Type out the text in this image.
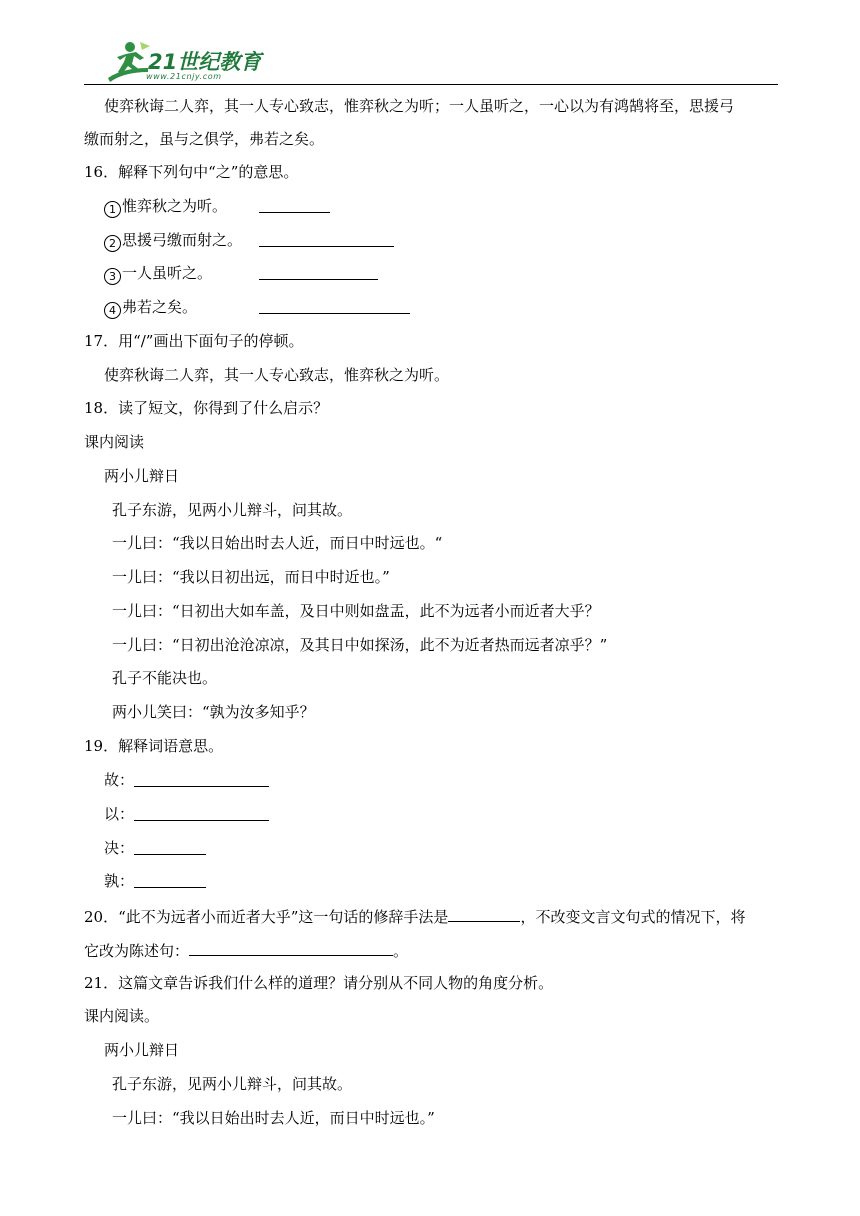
21世纪教育
www.21cnjy.com
使弈秋诲二人弈，其一人专心致志，惟弈秋之为听；一人虽听之，一心以为有鸿鹄将至，思援弓
缴而射之，虽与之俱学，弗若之矣。
16．解释下列句中“之”的意思。
1 惟弈秋之为听。
2 思援弓缴而射之。
3 一人虽听之。
4 弗若之矣。
17．用“/”画出下面句子的停顿。
使弈秋诲二人弈，其一人专心致志，惟弈秋之为听。
18．读了短文，你得到了什么启示？
课内阅读
两小儿辩日
孔子东游，见两小儿辩斗，问其故。
一儿曰：“我以日始出时去人近，而日中时远也。“
一儿曰：“我以日初出远，而日中时近也。”
一儿曰：“日初出大如车盖，及日中则如盘盂，此不为远者小而近者大乎？
一儿曰：“日初出沧沧凉凉，及其日中如探汤，此不为近者热而远者凉乎？”
孔子不能决也。
两小儿笑曰：“孰为汝多知乎？
19．解释词语意思。
故：
以：
决：
孰：
20．“此不为远者小而近者大乎”这一句话的修辞手法是	，不改变文言文句式的情况下，将
它改为陈述句：	。
21．这篇文章告诉我们什么样的道理？请分别从不同人物的角度分析。
课内阅读。
两小儿辩日
孔子东游，见两小儿辩斗，问其故。
一儿曰：“我以日始出时去人近，而日中时远也。”
